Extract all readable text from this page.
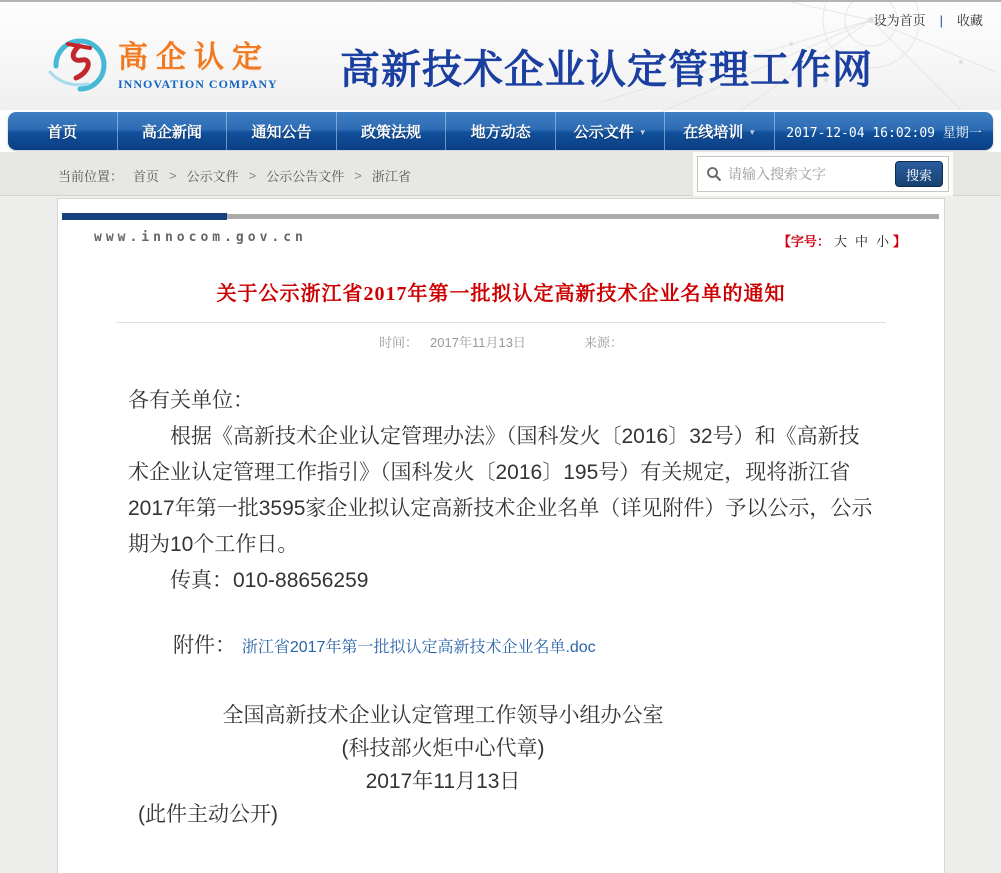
设为首页 | 收藏
高企认定
INNOVATION COMPANY 高新技术企业认定管理工作网
首页	高企新闻	通知公告	政策法规	地方动态	公示文件 ▼ 在线培训 ▼	2017-12-04 16:02:09 星期一
当前位置： 首页 > 公示文件 > 公示公告文件 > 浙江省
请输入搜索文字	搜索
www.innocom.gov.cn	【字号： 大 中 小 】
关于公示浙江省2017年第一批拟认定高新技术企业名单的通知
时间： 2017年11月13日	来源：

各有关单位：

根据《高新技术企业认定管理办法》（国科发火〔2016〕32号）和《高新技术企业认定管理工作指引》（国科发火〔2016〕195号）有关规定，现将浙江省2017年第一批3595家企业拟认定高新技术企业名单（详见附件）予以公示，公示期为10个工作日。

传真：010-88656259

附件： 浙江省2017年第一批拟认定高新技术企业名单.doc
全国高新技术企业认定管理工作领导小组办公室
(科技部火炬中心代章)
2017年11月13日
(此件主动公开)
